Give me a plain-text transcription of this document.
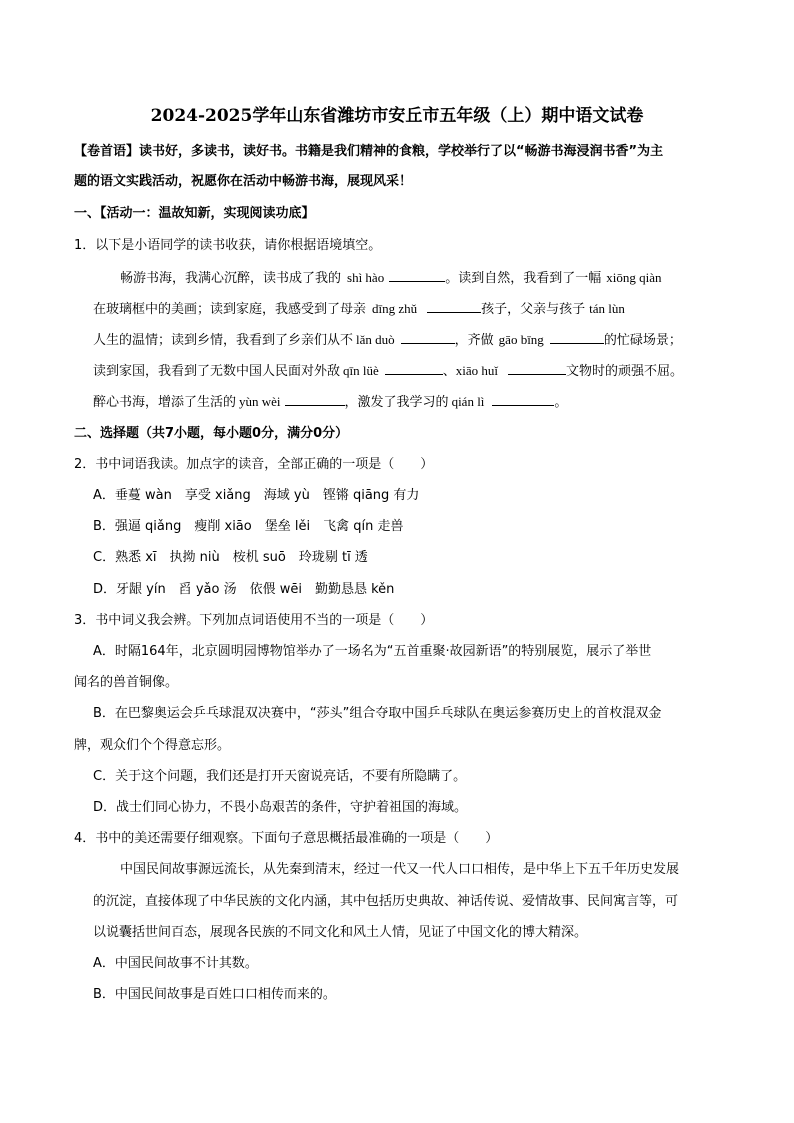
2024-2025学年山东省潍坊市安丘市五年级（上）期中语文试卷
【卷首语】读书好，多读书，读好书。书籍是我们精神的食粮，学校举行了以“畅游书海浸润书香”为主
题的语文实践活动，祝愿你在活动中畅游书海，展现风采！
一、【活动一：温故知新，实现阅读功底】
1．以下是小语同学的读书收获，请你根据语境填空。
畅游书海，我满心沉醉，读书成了我的 shì hào	。读到自然，我看到了一幅 xiōng qiàn
在玻璃框中的美画；读到家庭，我感受到了母亲 dīng zhǔ	孩子，父亲与孩子 tán lùn
人生的温情；读到乡情，我看到了乡亲们从不 lǎn duò	，齐做 gāo bīng	的忙碌场景；
读到家国，我看到了无数中国人民面对外敌 qīn lüè	、xiāo huǐ	文物时的顽强不屈。
醉心书海，增添了生活的 yùn wèi	，激发了我学习的 qián lì	。
二、选择题（共7小题，每小题0分，满分0分）
2．书中词语我读。加点字的读音，全部正确的一项是（　　）
A．垂蔓 wàn　享受 xiǎng　海域 yù　铿锵 qiāng 有力
B．强逼 qiǎng　瘦削 xiāo　堡垒 lěi　飞禽 qín 走兽
C．熟悉 xī　执拗 niù　桉机 suō　玲珑剔 tī 透
D．牙龈 yín　舀 yǎo 汤　依偎 wēi　勤勤恳恳 kěn
3．书中词义我会辨。下列加点词语使用不当的一项是（　　）
A．时隔164年，北京圆明园博物馆举办了一场名为“五首重聚·故园新语”的特别展览，展示了举世
闻名的兽首铜像。
B．在巴黎奥运会乒乓球混双决赛中，“莎头”组合夺取中国乒乓球队在奥运参赛历史上的首枚混双金
牌，观众们个个得意忘形。
C．关于这个问题，我们还是打开天窗说亮话，不要有所隐瞒了。
D．战士们同心协力，不畏小岛艰苦的条件，守护着祖国的海域。
4．书中的美还需要仔细观察。下面句子意思概括最准确的一项是（　　）
中国民间故事源远流长，从先秦到清末，经过一代又一代人口口相传，是中华上下五千年历史发展
的沉淀，直接体现了中华民族的文化内涵，其中包括历史典故、神话传说、爱情故事、民间寓言等，可
以说囊括世间百态，展现各民族的不同文化和风土人情，见证了中国文化的博大精深。
A．中国民间故事不计其数。
B．中国民间故事是百姓口口相传而来的。
